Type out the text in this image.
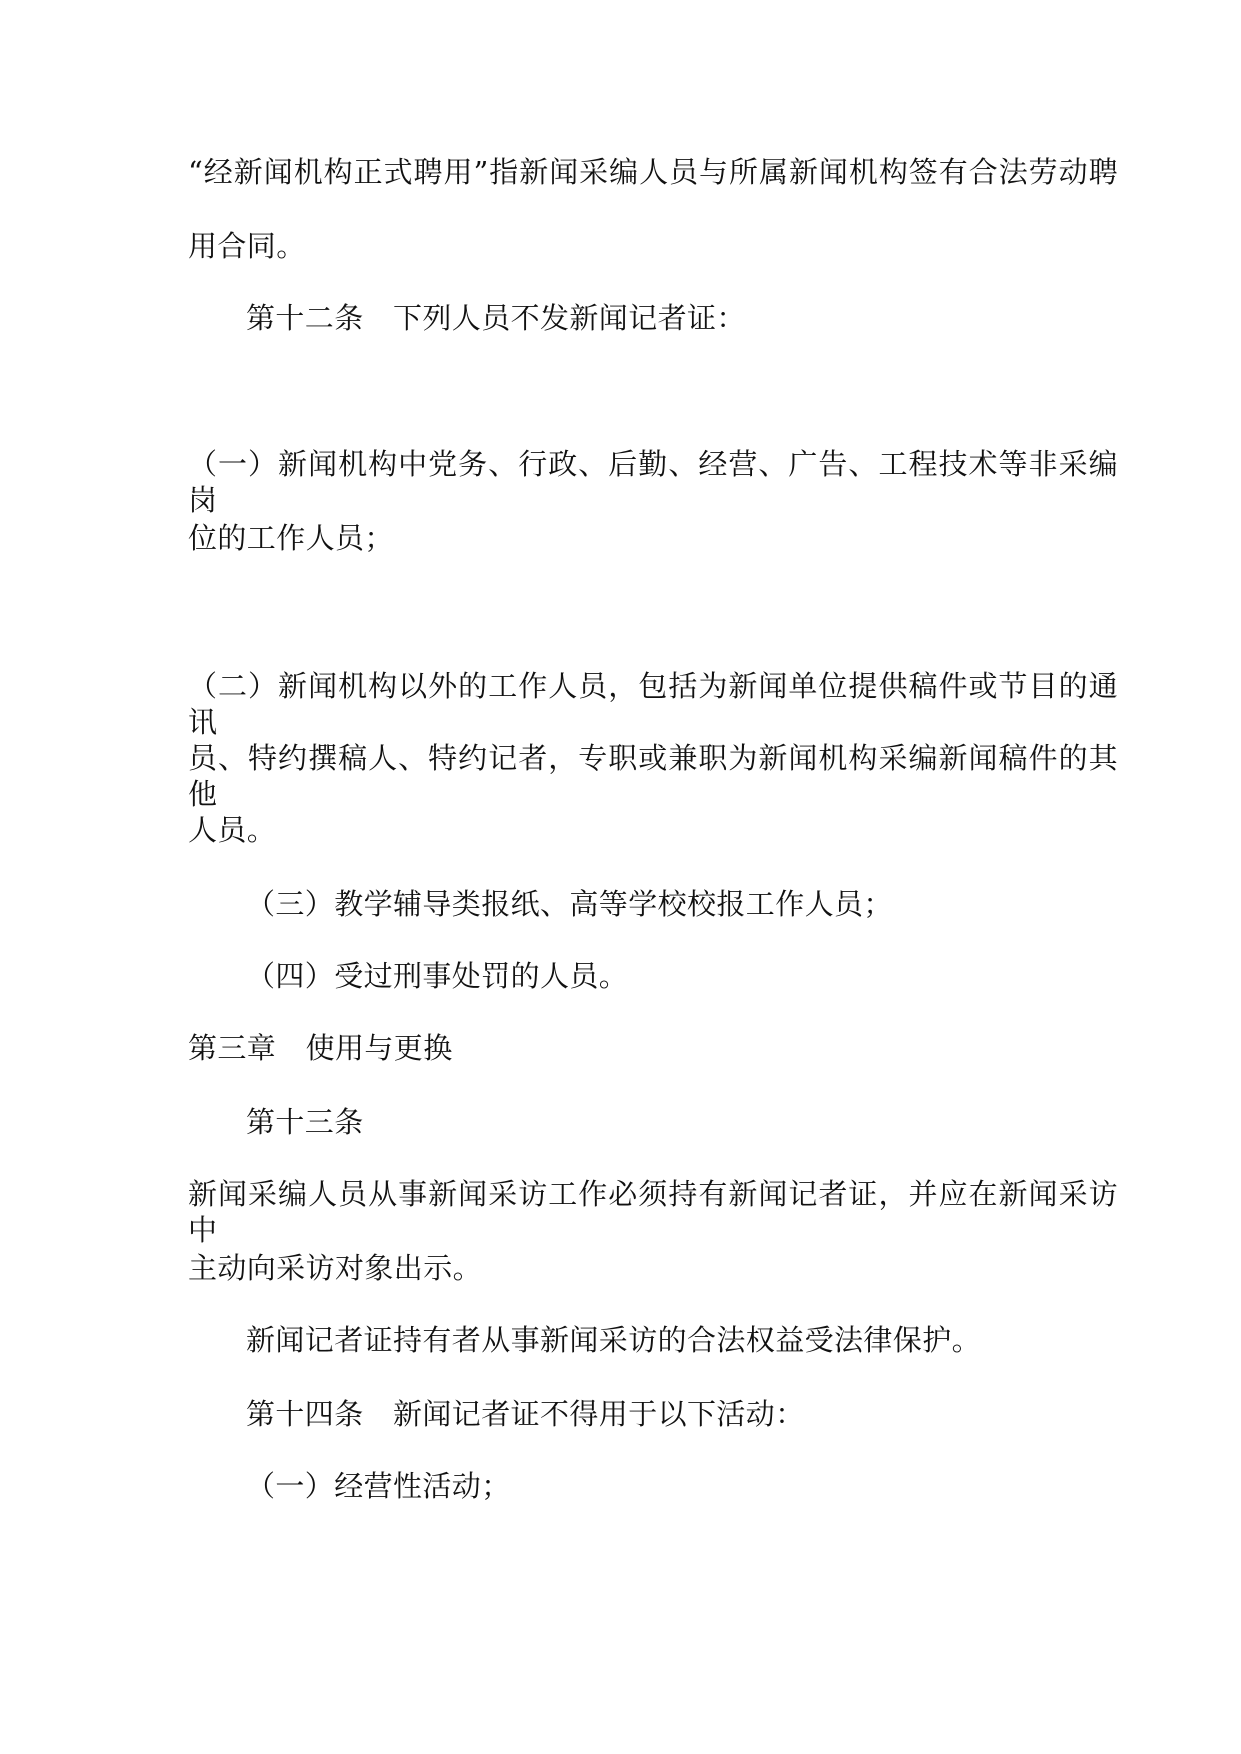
“经新闻机构正式聘用”指新闻采编人员与所属新闻机构签有合法劳动聘
用合同。
第十二条　下列人员不发新闻记者证：
（一）新闻机构中党务、行政、后勤、经营、广告、工程技术等非采编岗
位的工作人员；
（二）新闻机构以外的工作人员，包括为新闻单位提供稿件或节目的通讯
员、特约撰稿人、特约记者，专职或兼职为新闻机构采编新闻稿件的其他
人员。
（三）教学辅导类报纸、高等学校校报工作人员；
（四）受过刑事处罚的人员。
第三章　使用与更换
第十三条
新闻采编人员从事新闻采访工作必须持有新闻记者证，并应在新闻采访中
主动向采访对象出示。
新闻记者证持有者从事新闻采访的合法权益受法律保护。
第十四条　新闻记者证不得用于以下活动：
（一）经营性活动；
